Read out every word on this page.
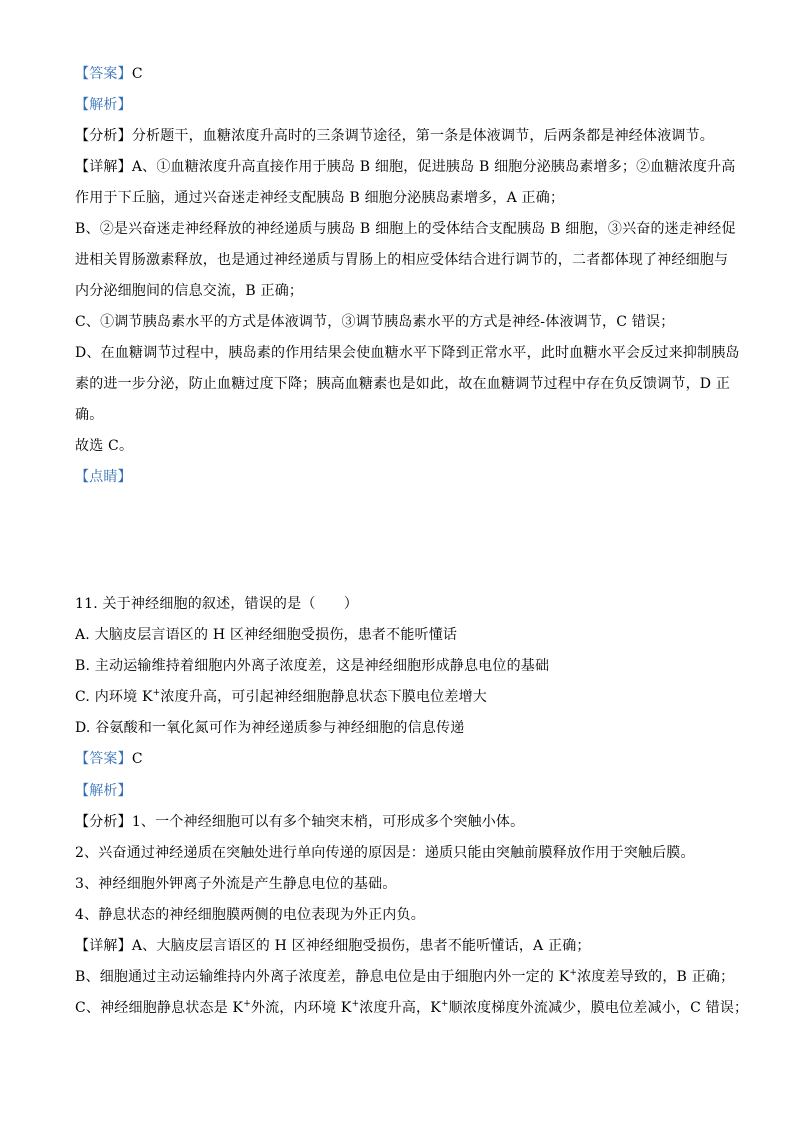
【答案】C
【解析】
【分析】分析题干，血糖浓度升高时的三条调节途径，第一条是体液调节，后两条都是神经体液调节。
【详解】A、①血糖浓度升高直接作用于胰岛 B 细胞，促进胰岛 B 细胞分泌胰岛素增多；②血糖浓度升高
作用于下丘脑，通过兴奋迷走神经支配胰岛 B 细胞分泌胰岛素增多，A 正确；
B、②是兴奋迷走神经释放的神经递质与胰岛 B 细胞上的受体结合支配胰岛 B 细胞，③兴奋的迷走神经促
进相关胃肠激素释放，也是通过神经递质与胃肠上的相应受体结合进行调节的，二者都体现了神经细胞与
内分泌细胞间的信息交流，B 正确；
C、①调节胰岛素水平的方式是体液调节，③调节胰岛素水平的方式是神经-体液调节，C 错误；
D、在血糖调节过程中，胰岛素的作用结果会使血糖水平下降到正常水平，此时血糖水平会反过来抑制胰岛
素的进一步分泌，防止血糖过度下降；胰高血糖素也是如此，故在血糖调节过程中存在负反馈调节，D 正
确。
故选 C。
【点睛】
11. 关于神经细胞的叙述，错误的是（　　）
A. 大脑皮层言语区的 H 区神经细胞受损伤，患者不能听懂话
B. 主动运输维持着细胞内外离子浓度差，这是神经细胞形成静息电位的基础
C. 内环境 K+浓度升高，可引起神经细胞静息状态下膜电位差增大
D. 谷氨酸和一氧化氮可作为神经递质参与神经细胞的信息传递
【答案】C
【解析】
【分析】1、一个神经细胞可以有多个轴突末梢，可形成多个突触小体。
2、兴奋通过神经递质在突触处进行单向传递的原因是：递质只能由突触前膜释放作用于突触后膜。
3、神经细胞外钾离子外流是产生静息电位的基础。
4、静息状态的神经细胞膜两侧的电位表现为外正内负。
【详解】A、大脑皮层言语区的 H 区神经细胞受损伤，患者不能听懂话，A 正确；
B、细胞通过主动运输维持内外离子浓度差，静息电位是由于细胞内外一定的 K+浓度差导致的，B 正确；
C、神经细胞静息状态是 K+外流，内环境 K+浓度升高，K+顺浓度梯度外流减少，膜电位差减小，C 错误；
